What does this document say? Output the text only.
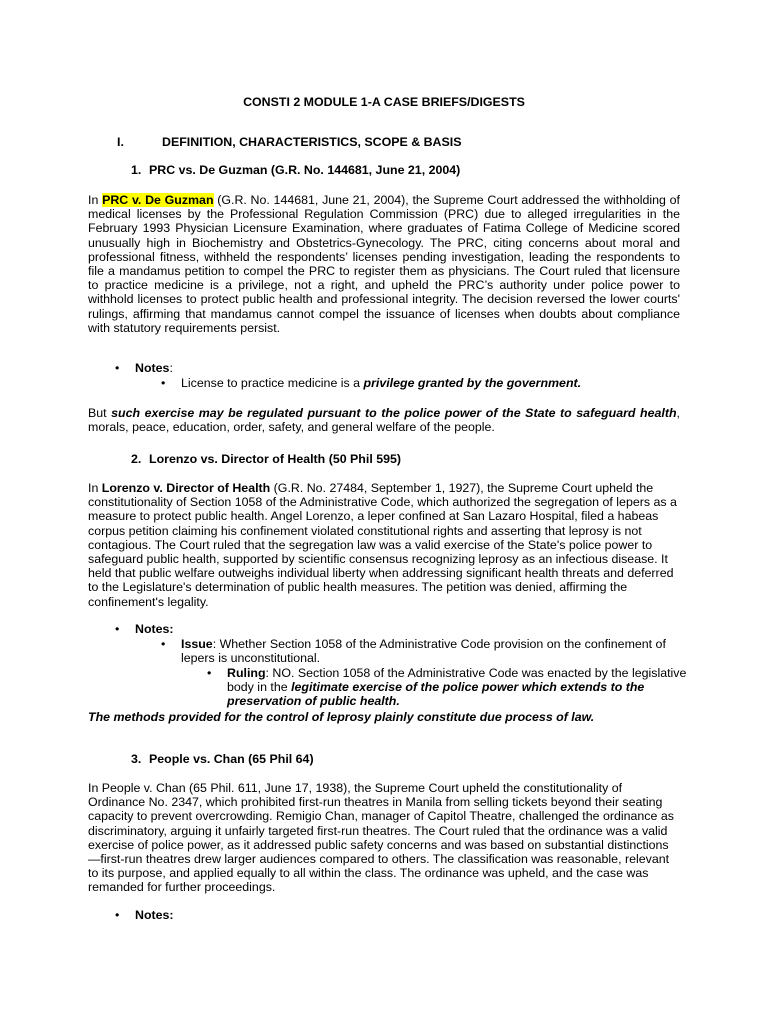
CONSTI 2 MODULE 1-A CASE BRIEFS/DIGESTS
I.	DEFINITION, CHARACTERISTICS, SCOPE & BASIS
1. PRC vs. De Guzman (G.R. No. 144681, June 21, 2004)

In PRC v. De Guzman (G.R. No. 144681, June 21, 2004), the Supreme Court addressed the withholding of medical licenses by the Professional Regulation Commission (PRC) due to alleged irregularities in the February 1993 Physician Licensure Examination, where graduates of Fatima College of Medicine scored unusually high in Biochemistry and Obstetrics-Gynecology. The PRC, citing concerns about moral and professional fitness, withheld the respondents’ licenses pending investigation, leading the respondents to file a mandamus petition to compel the PRC to register them as physicians. The Court ruled that licensure to practice medicine is a privilege, not a right, and upheld the PRC’s authority under police power to withhold licenses to protect public health and professional integrity. The decision reversed the lower courts' rulings, affirming that mandamus cannot compel the issuance of licenses when doubts about compliance with statutory requirements persist.

• Notes:
• License to practice medicine is a privilege granted by the government.

But such exercise may be regulated pursuant to the police power of the State to safeguard health, morals, peace, education, order, safety, and general welfare of the people.

2. Lorenzo vs. Director of Health (50 Phil 595)

In Lorenzo v. Director of Health (G.R. No. 27484, September 1, 1927), the Supreme Court upheld the constitutionality of Section 1058 of the Administrative Code, which authorized the segregation of lepers as a measure to protect public health. Angel Lorenzo, a leper confined at San Lazaro Hospital, filed a habeas corpus petition claiming his confinement violated constitutional rights and asserting that leprosy is not contagious. The Court ruled that the segregation law was a valid exercise of the State's police power to safeguard public health, supported by scientific consensus recognizing leprosy as an infectious disease. It held that public welfare outweighs individual liberty when addressing significant health threats and deferred to the Legislature's determination of public health measures. The petition was denied, affirming the confinement's legality.

• Notes:
• Issue: Whether Section 1058 of the Administrative Code provision on the confinement of lepers is unconstitutional.
• Ruling: NO. Section 1058 of the Administrative Code was enacted by the legislative body in the legitimate exercise of the police power which extends to the preservation of public health.

The methods provided for the control of leprosy plainly constitute due process of law.

3. People vs. Chan (65 Phil 64)

In People v. Chan (65 Phil. 611, June 17, 1938), the Supreme Court upheld the constitutionality of Ordinance No. 2347, which prohibited first-run theatres in Manila from selling tickets beyond their seating capacity to prevent overcrowding. Remigio Chan, manager of Capitol Theatre, challenged the ordinance as discriminatory, arguing it unfairly targeted first-run theatres. The Court ruled that the ordinance was a valid exercise of police power, as it addressed public safety concerns and was based on substantial distinctions—first-run theatres drew larger audiences compared to others. The classification was reasonable, relevant to its purpose, and applied equally to all within the class. The ordinance was upheld, and the case was remanded for further proceedings.

• Notes:
